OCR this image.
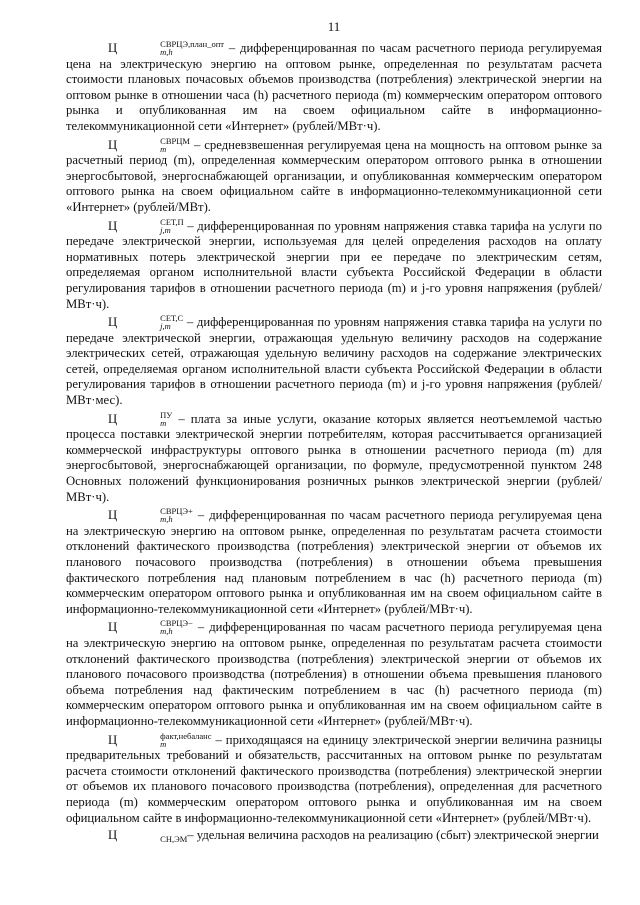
11

Ц	СВРЦЭ,план_опт
m,h	– дифференцированная по часам расчетного периода регулируемая цена на электрическую энергию на оптовом рынке, определенная по результатам расчета стоимости плановых почасовых объемов производства (потребления) электрической энергии на оптовом рынке в отношении часа (h) расчетного периода (m) коммерческим оператором оптового рынка и опубликованная им на своем официальном сайте в информационно-телекоммуникационной сети «Интернет» (рублей/МВт·ч).

Ц	СВРЦМ
m	– средневзвешенная регулируемая цена на мощность на оптовом рынке за расчетный период (m), определенная коммерческим оператором оптового рынка в отношении энергосбытовой, энергоснабжающей организации, и опубликованная коммерческим оператором оптового рынка на своем официальном сайте в информационно-телекоммуникационной сети «Интернет» (рублей/МВт).

Ц	СЕТ,П
j,m	– дифференцированная по уровням напряжения ставка тарифа на услуги по передаче электрической энергии, используемая для целей определения расходов на оплату нормативных потерь электрической энергии при ее передаче по электрическим сетям, определяемая органом исполнительной власти субъекта Российской Федерации в области регулирования тарифов в отношении расчетного периода (m) и j-го уровня напряжения (рублей/МВт·ч).

Ц	СЕТ,С
j,m – дифференцированная по уровням напряжения ставка тарифа на услуги по передаче электрической энергии, отражающая удельную величину расходов на содержание электрических сетей, отражающая удельную величину расходов на содержание электрических сетей, определяемая органом исполнительной власти субъекта Российской Федерации в области регулирования тарифов в отношении расчетного периода (m) и j-го уровня напряжения (рублей/МВт·мес).

Ц	ПУ
m – плата за иные услуги, оказание которых является неотъемлемой частью процесса поставки электрической энергии потребителям, которая рассчитывается организацией коммерческой инфраструктуры оптового рынка в отношении расчетного периода (m) для энергосбытовой, энергоснабжающей организации, по формуле, предусмотренной пунктом 248 Основных положений функционирования розничных рынков электрической энергии (рублей/МВт·ч).

Ц	СВРЦЭ+
m,h	– дифференцированная по часам расчетного периода регулируемая цена на электрическую энергию на оптовом рынке, определенная по результатам расчета стоимости отклонений фактического производства (потребления) электрической энергии от объемов их планового почасового производства (потребления) в отношении объема превышения фактического потребления над плановым потреблением в час (h) расчетного периода (m) коммерческим оператором оптового рынка и опубликованная им на своем официальном сайте в информационно-телекоммуникационной сети «Интернет» (рублей/МВт·ч).

Ц	СВРЦЭ−
m,h	– дифференцированная по часам расчетного периода регулируемая цена на электрическую энергию на оптовом рынке, определенная по результатам расчета стоимости отклонений фактического производства (потребления) электрической энергии от объемов их планового почасового производства (потребления) в отношении объема превышения планового объема потребления над фактическим потреблением в час (h) расчетного периода (m) коммерческим оператором оптового рынка и опубликованная им на своем официальном сайте в информационно-телекоммуникационной сети «Интернет» (рублей/МВт·ч).

Ц	факт,небаланс
m	– приходящаяся на единицу электрической энергии величина разницы предварительных требований и обязательств, рассчитанных на оптовом рынке по результатам расчета стоимости отклонений фактического производства (потребления) электрической энергии от объемов их планового почасового производства (потребления), определенная для расчетного периода (m) коммерческим оператором оптового рынка и опубликованная им на своем официальном сайте в информационно-телекоммуникационной сети «Интернет» (рублей/МВт·ч).

Ц	СН,ЭМ – удельная величина расходов на реализацию (сбыт) электрической энергии
